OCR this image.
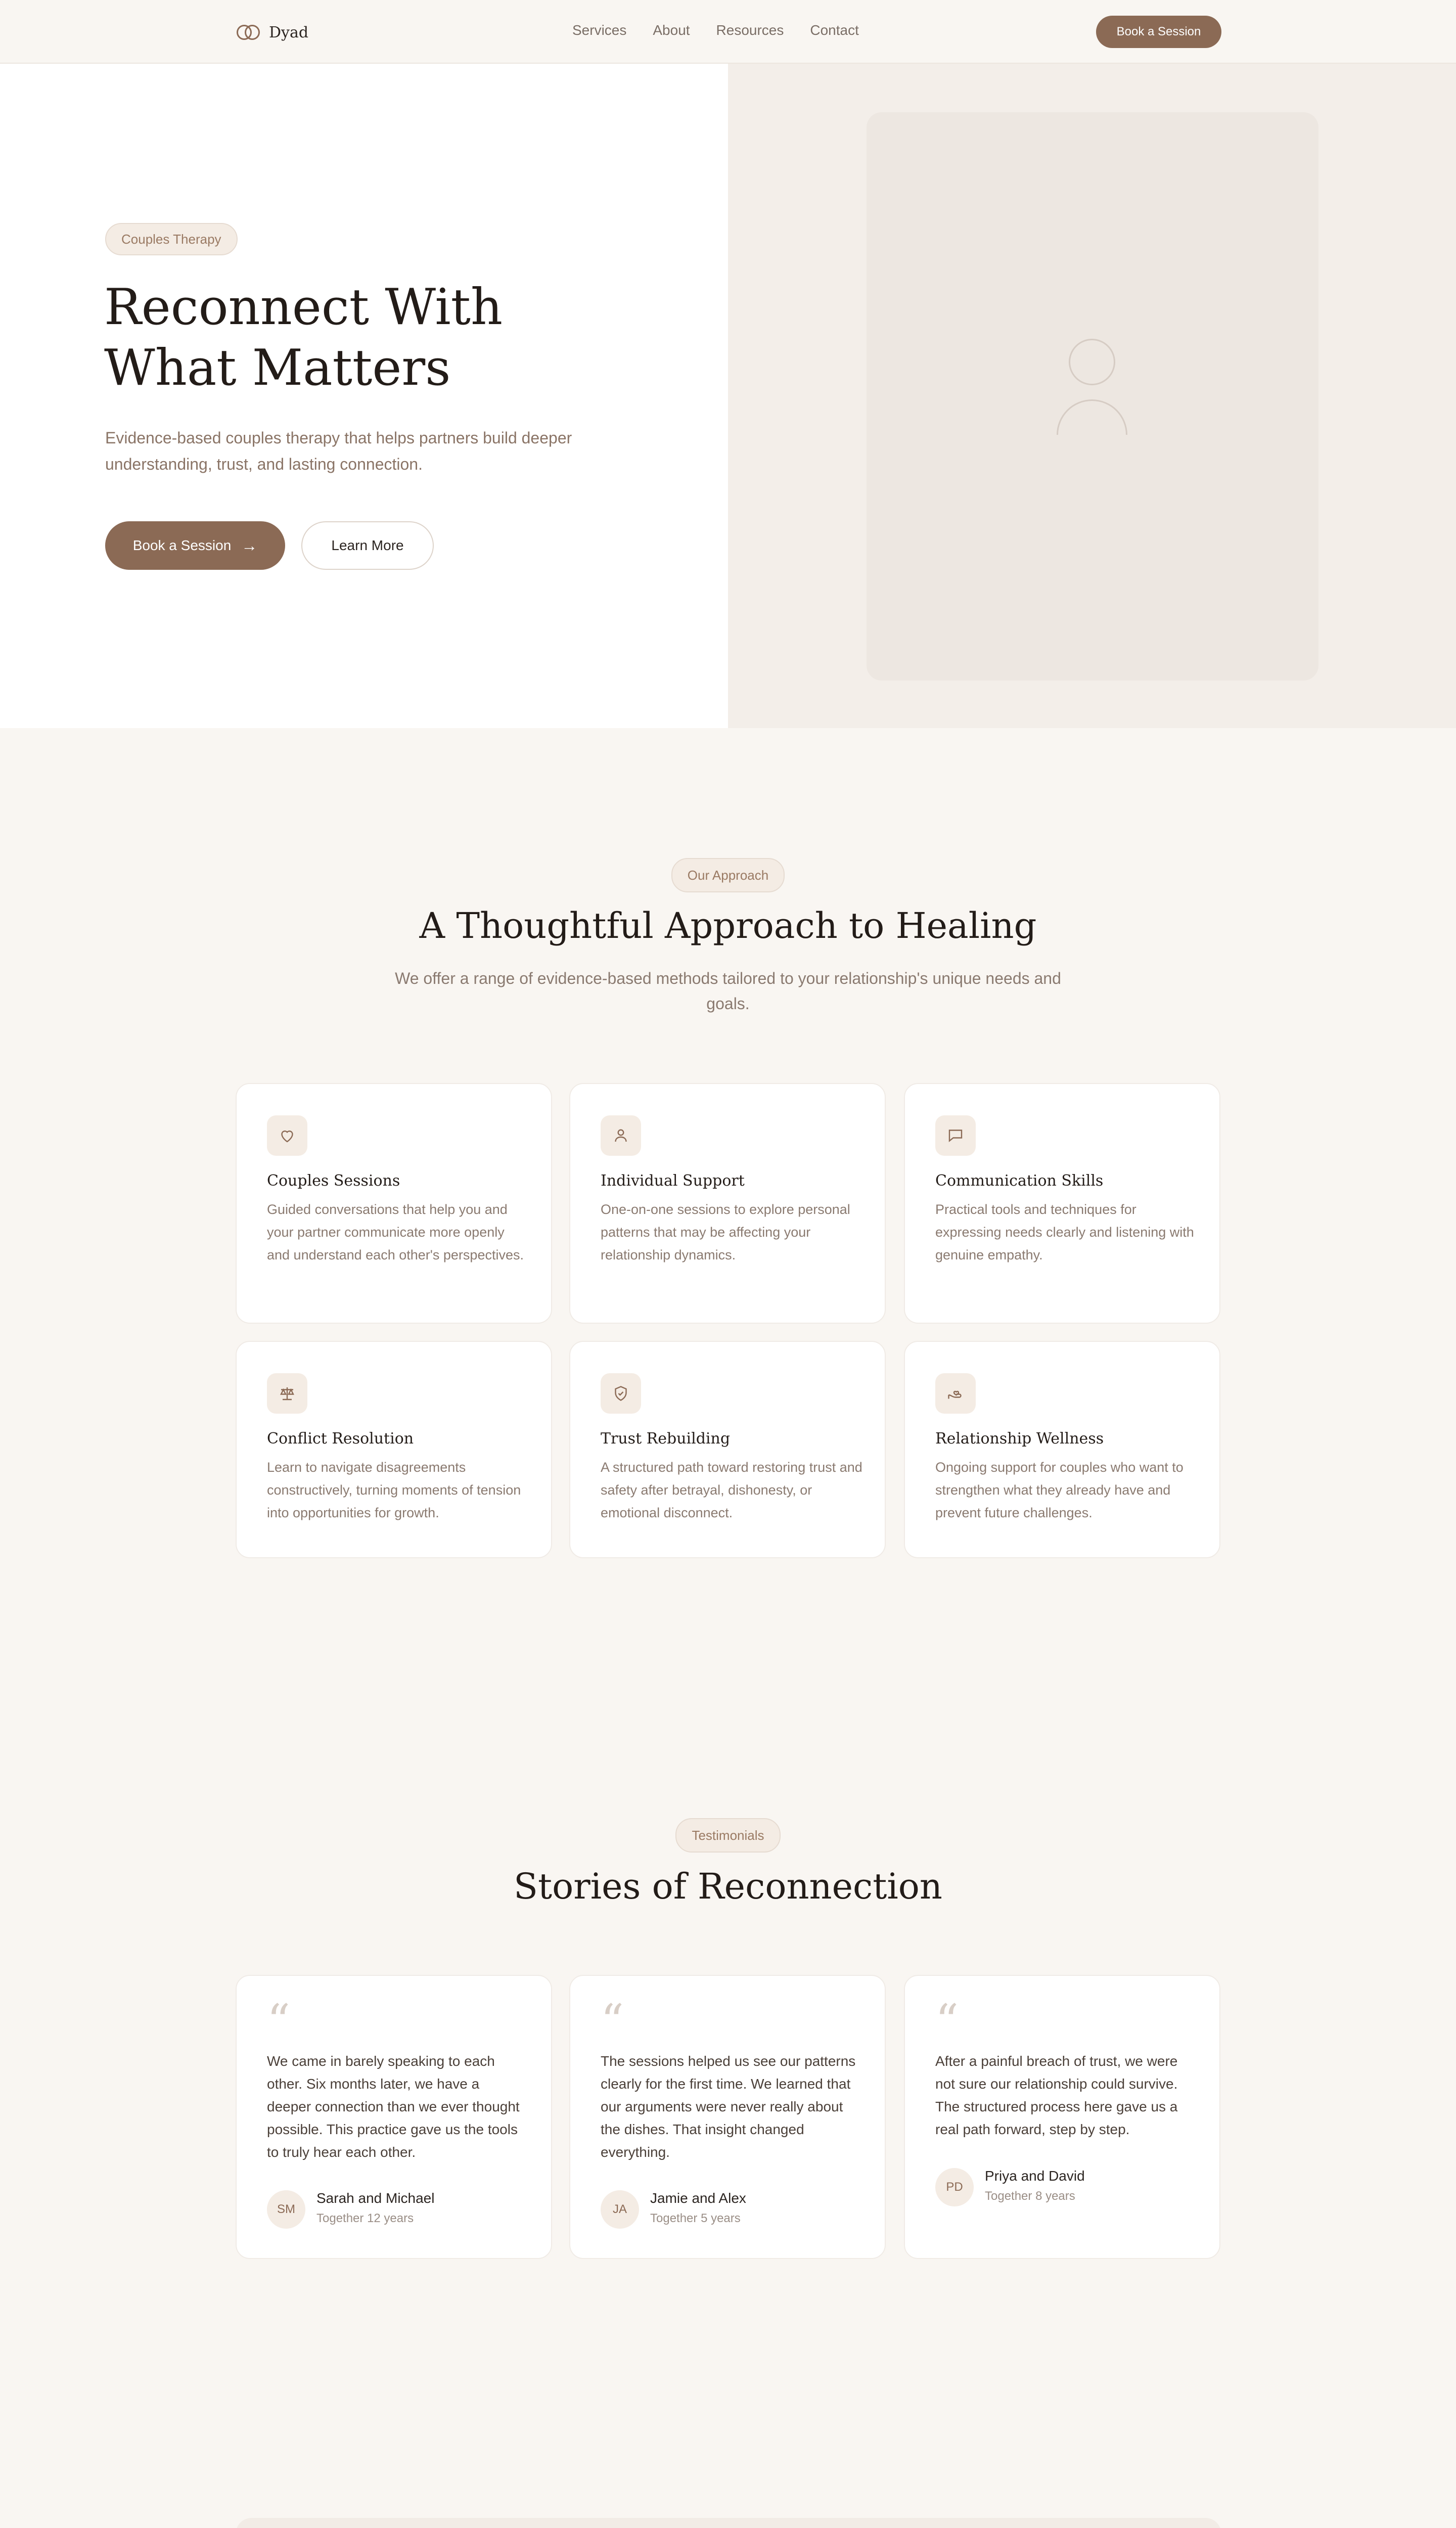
Dyad	Services About Resources Contact	Book a Session
Couples Therapy
Reconnect With
What Matters
Evidence-based couples therapy that helps partners build deeper understanding, trust, and lasting connection.
Book a Session →	Learn More
Our Approach
A Thoughtful Approach to Healing
We offer a range of evidence-based methods tailored to your relationship's unique needs and goals.
Couples Sessions
Guided conversations that help you and your partner communicate more openly and understand each other's perspectives.
Individual Support
One-on-one sessions to explore personal patterns that may be affecting your relationship dynamics.
Communication Skills
Practical tools and techniques for expressing needs clearly and listening with genuine empathy.
Conflict Resolution
Learn to navigate disagreements constructively, turning moments of tension into opportunities for growth.
Trust Rebuilding
A structured path toward restoring trust and safety after betrayal, dishonesty, or emotional disconnect.
Relationship Wellness
Ongoing support for couples who want to strengthen what they already have and prevent future challenges.
Testimonials
Stories of Reconnection
“
We came in barely speaking to each other. Six months later, we have a deeper connection than we ever thought possible. This practice gave us the tools to truly hear each other.
SM
Sarah and Michael
Together 12 years
“
The sessions helped us see our patterns clearly for the first time. We learned that our arguments were never really about the dishes. That insight changed everything.
JA
Jamie and Alex
Together 5 years
“
After a painful breach of trust, we were not sure our relationship could survive. The structured process here gave us a real path forward, step by step.
PD
Priya and David
Together 8 years
